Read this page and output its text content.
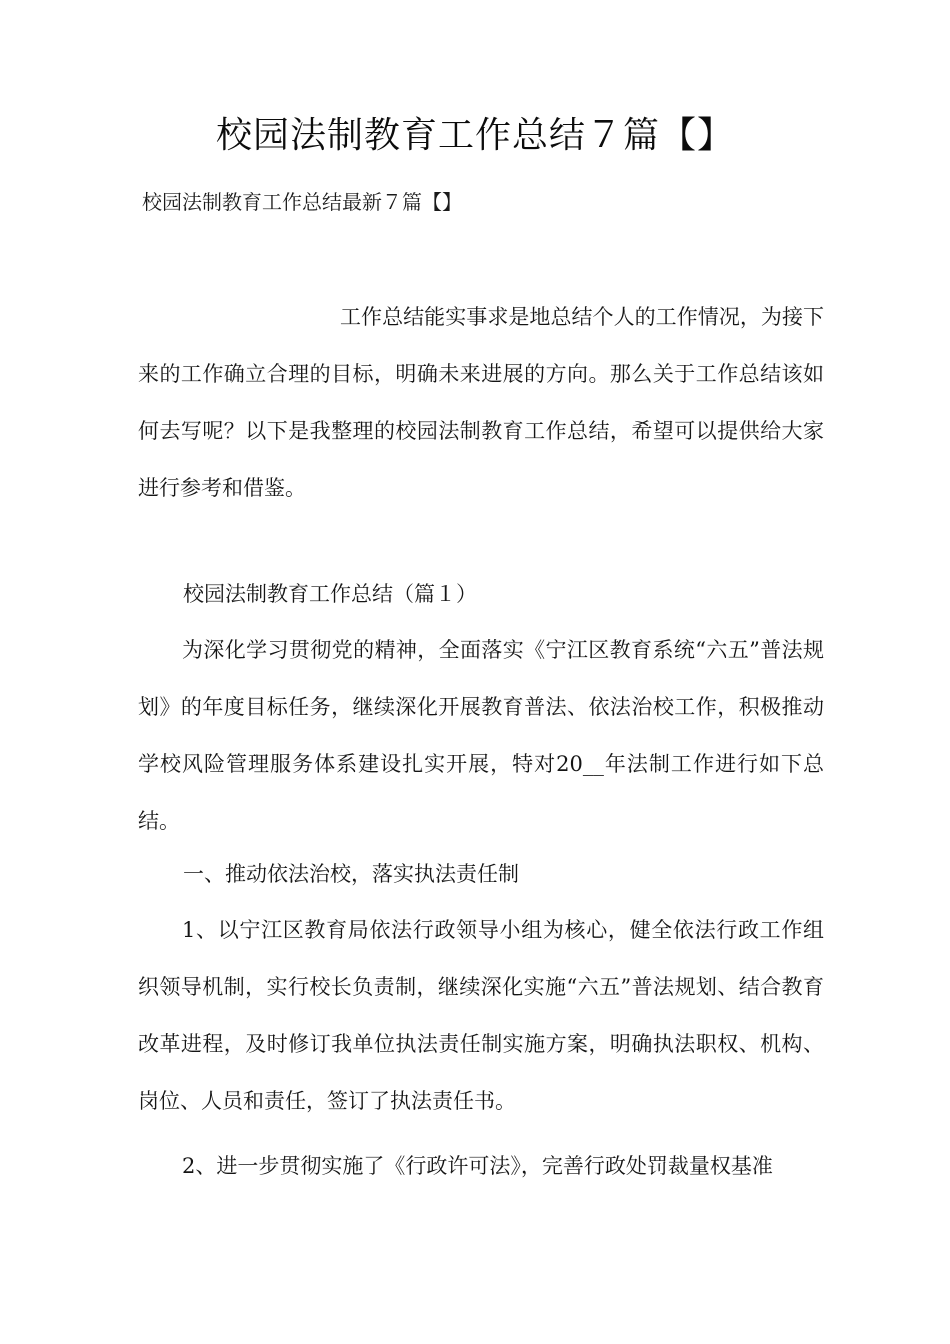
校园法制教育工作总结７篇【】
校园法制教育工作总结最新７篇【】

工作总结能实事求是地总结个人的工作情况，为接下来的工作确立合理的目标，明确未来进展的方向。那么关于工作总结该如何去写呢？以下是我整理的校园法制教育工作总结，希望可以提供给大家进行参考和借鉴。

校园法制教育工作总结（篇１）

为深化学习贯彻党的精神，全面落实《宁江区教育系统“六五”普法规划》的年度目标任务，继续深化开展教育普法、依法治校工作，积极推动学校风险管理服务体系建设扎实开展，特对20__年法制工作进行如下总结。

一、推动依法治校，落实执法责任制

1、以宁江区教育局依法行政领导小组为核心，健全依法行政工作组织领导机制，实行校长负责制，继续深化实施“六五”普法规划、结合教育改革进程，及时修订我单位执法责任制实施方案，明确执法职权、机构、岗位、人员和责任，签订了执法责任书。

2、进一步贯彻实施了《行政许可法》，完善行政处罚裁量权基准
